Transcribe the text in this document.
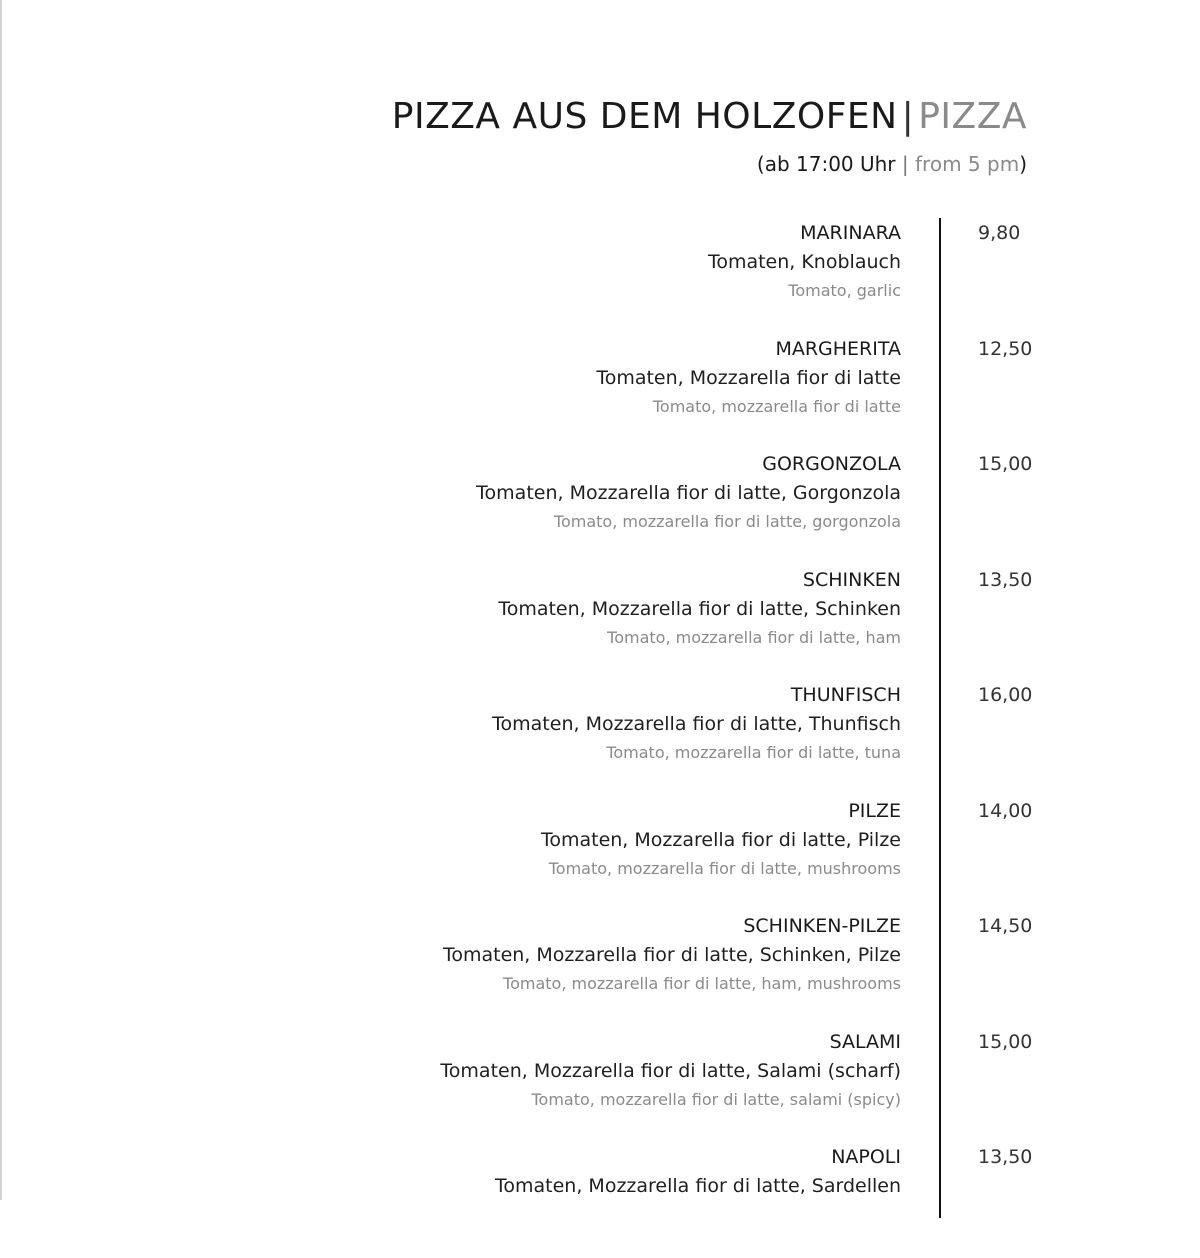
PIZZA AUS DEM HOLZOFEN | PIZZA
(ab 17:00 Uhr | from 5 pm)
MARINARA
Tomaten, Knoblauch
Tomato, garlic
9,80
MARGHERITA
Tomaten, Mozzarella fior di latte
Tomato, mozzarella fior di latte
12,50
GORGONZOLA
Tomaten, Mozzarella fior di latte, Gorgonzola
Tomato, mozzarella fior di latte, gorgonzola
15,00
SCHINKEN
Tomaten, Mozzarella fior di latte, Schinken
Tomato, mozzarella fior di latte, ham
13,50
THUNFISCH
Tomaten, Mozzarella fior di latte, Thunfisch
Tomato, mozzarella fior di latte, tuna
16,00
PILZE
Tomaten, Mozzarella fior di latte, Pilze
Tomato, mozzarella fior di latte, mushrooms
14,00
SCHINKEN-PILZE
Tomaten, Mozzarella fior di latte, Schinken, Pilze
Tomato, mozzarella fior di latte, ham, mushrooms
14,50
SALAMI
Tomaten, Mozzarella fior di latte, Salami (scharf)
Tomato, mozzarella fior di latte, salami (spicy)
15,00
NAPOLI
Tomaten, Mozzarella fior di latte, Sardellen
13,50
